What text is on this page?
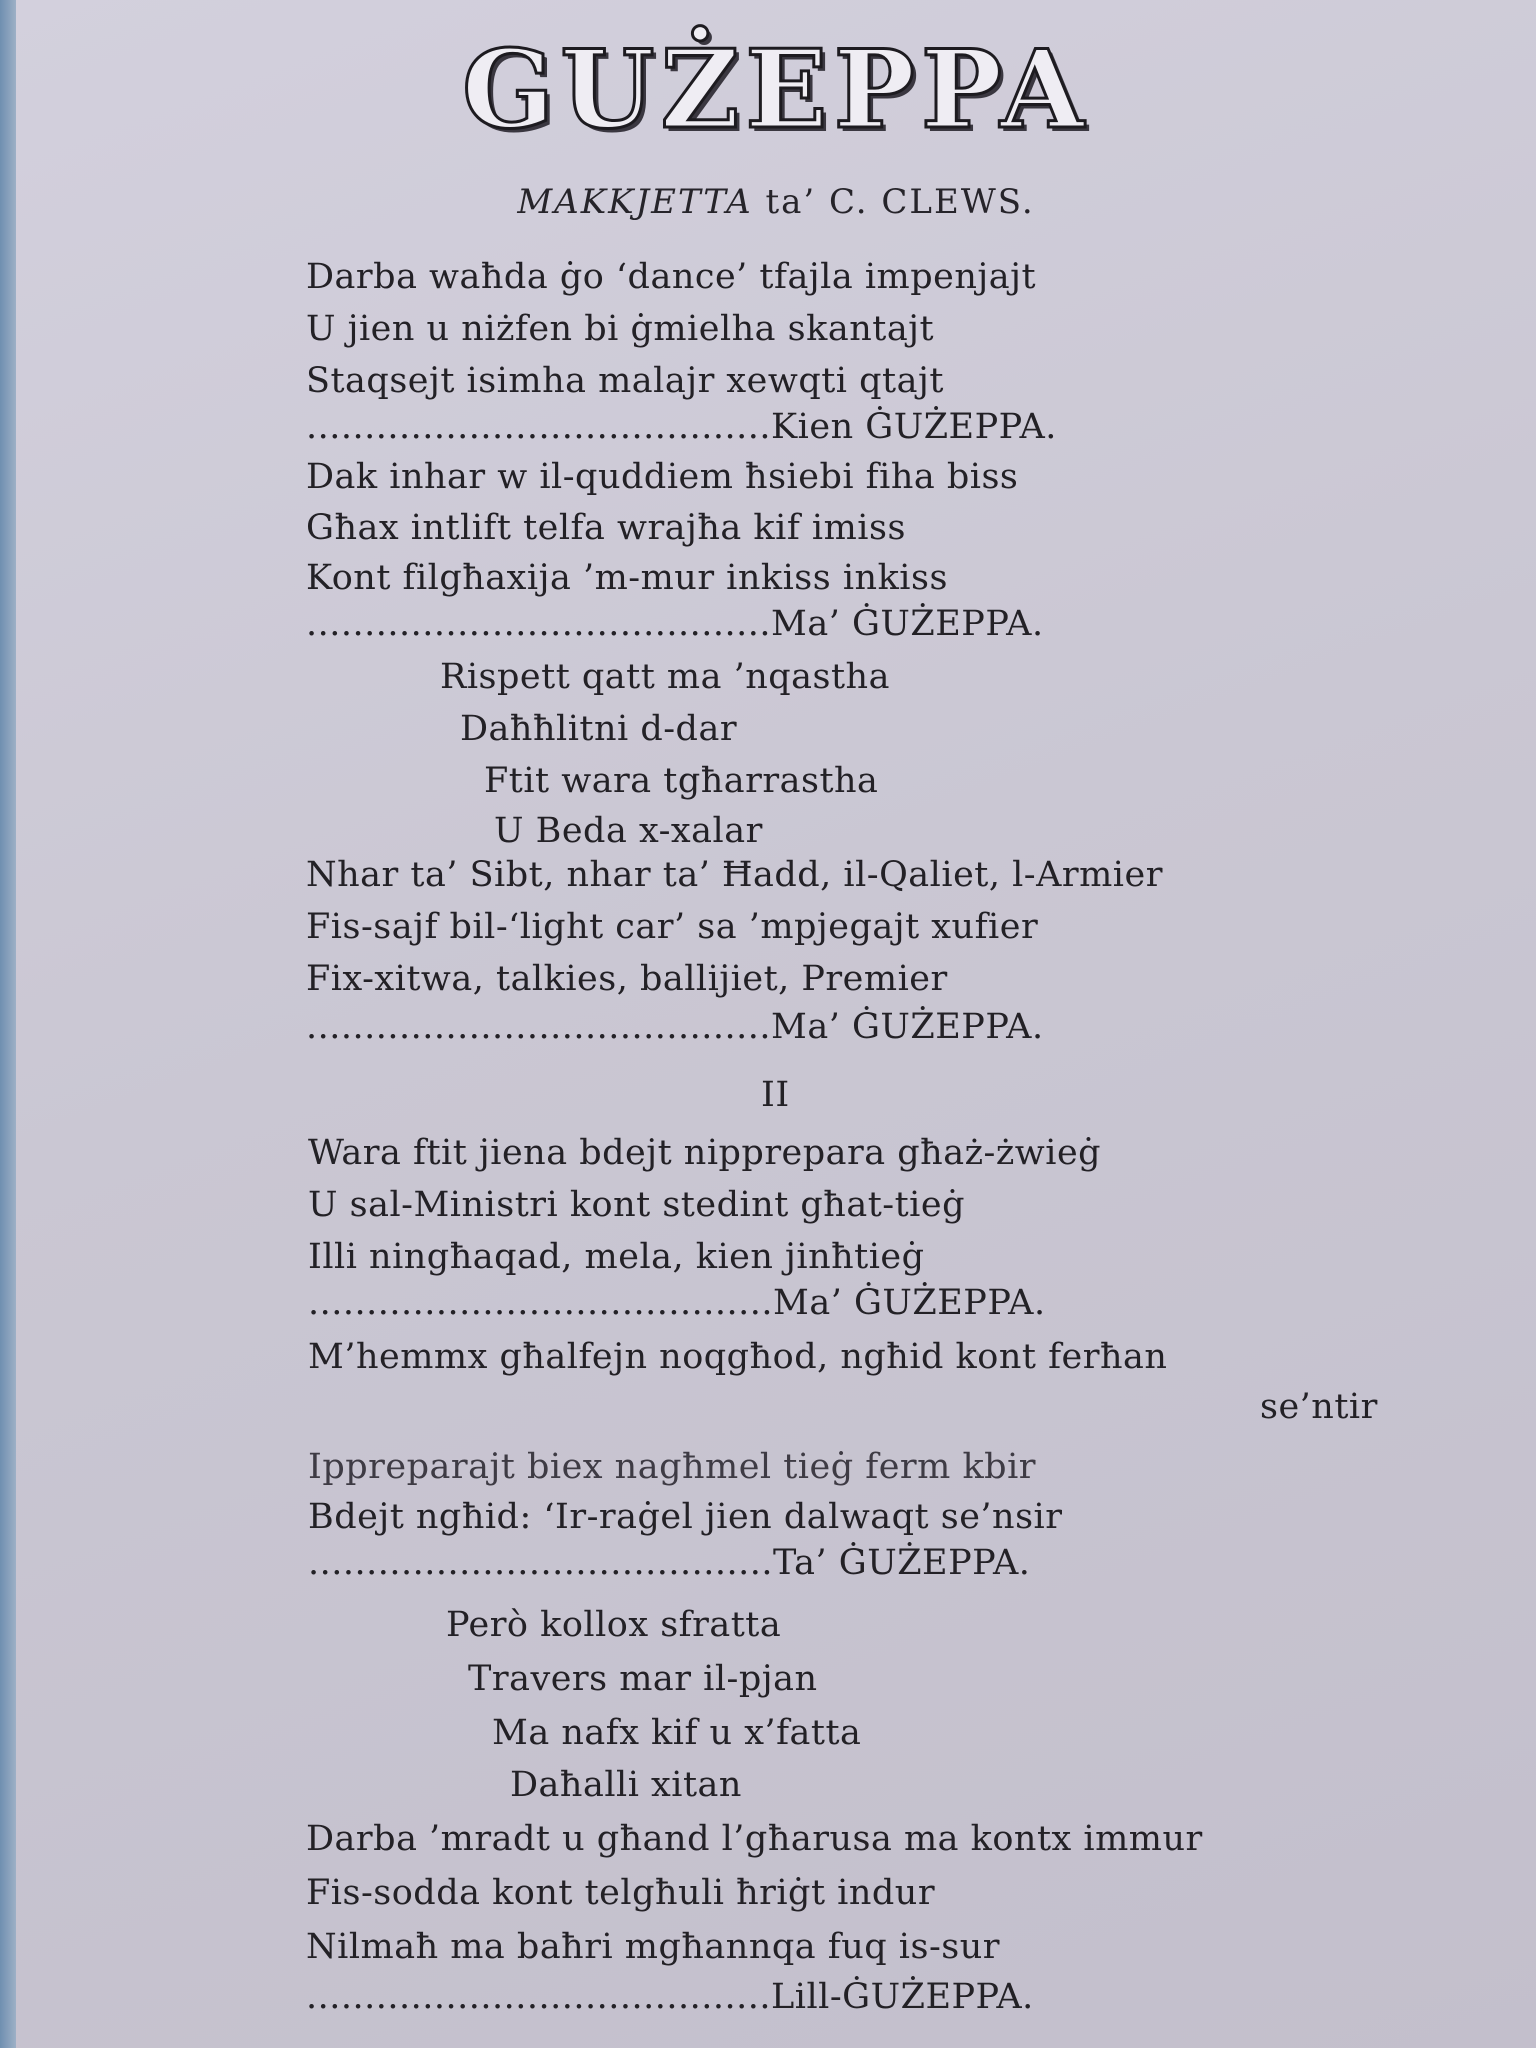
GUŻEPPA
MAKKJETTA ta’ C. CLEWS.
Darba waħda ġo ‘dance’ tfajla impenjajt
U jien u niżfen bi ġmielha skantajt
Staqsejt isimha malajr xewqti qtajt
........................................Kien ĠUŻEPPA.
Dak inhar w il-quddiem ħsiebi fiha biss
Għax intlift telfa wrajħa kif imiss
Kont filgħaxija ’m-mur inkiss inkiss
........................................Ma’ ĠUŻEPPA.
Rispett qatt ma ’nqastha
Daħħlitni d-dar
Ftit wara tgħarrastha
U Beda x-xalar
Nhar ta’ Sibt, nhar ta’ Ħadd, il-Qaliet, l-Armier
Fis-sajf bil-‘light car’ sa ’mpjegajt xufier
Fix-xitwa, talkies, ballijiet, Premier
........................................Ma’ ĠUŻEPPA.
II
Wara ftit jiena bdejt nipprepara għaż-żwieġ
U sal-Ministri kont stedint għat-tieġ
Illi ningħaqad, mela, kien jinħtieġ
........................................Ma’ ĠUŻEPPA.
M’hemmx għalfejn noqgħod, ngħid kont ferħan
se’ntir
Ippreparajt biex nagħmel tieġ ferm kbir
Bdejt ngħid: ‘Ir-raġel jien dalwaqt se’nsir
........................................Ta’ ĠUŻEPPA.
Però kollox sfratta
Travers mar il-pjan
Ma nafx kif u x’fatta
Daħalli xitan
Darba ’mradt u għand l’għarusa ma kontx immur
Fis-sodda kont telgħuli ħriġt indur
Nilmaħ ma baħri mgħannqa fuq is-sur
........................................Lill-ĠUŻEPPA.
